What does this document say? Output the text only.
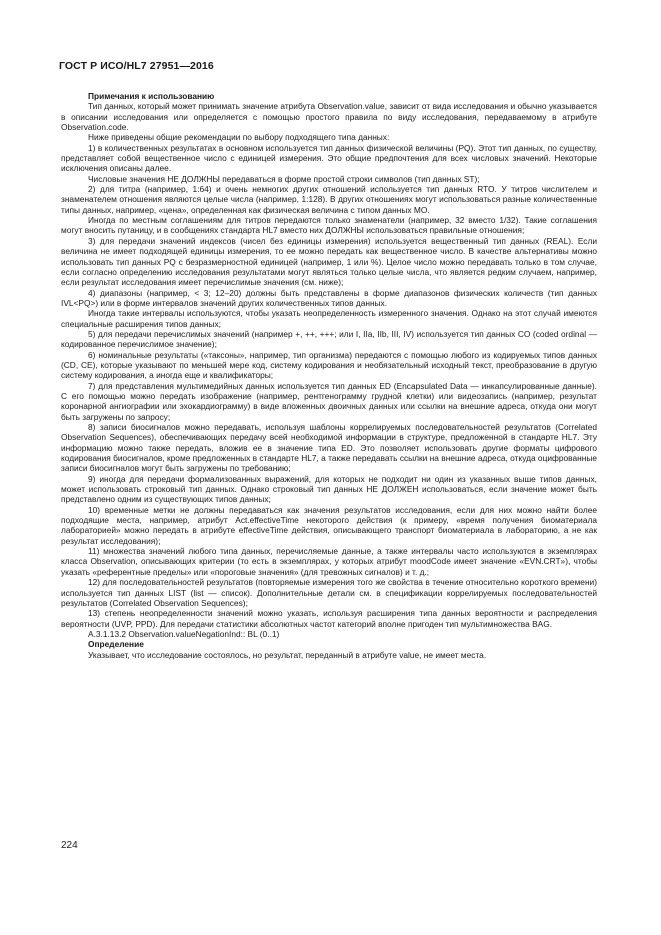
ГОСТ Р ИСО/HL7 27951—2016

Примечания к использованию

Тип данных, который может принимать значение атрибута Observation.value, зависит от вида исследования и обычно указывается в описании исследования или определяется с помощью простого правила по виду исследования, передаваемому в атрибуте Observation.code.

Ниже приведены общие рекомендации по выбору подходящего типа данных:

1) в количественных результатах в основном используется тип данных физической величины (PQ). Этот тип данных, по существу, представляет собой вещественное число с единицей измерения. Это общие предпочтения для всех числовых значений. Некоторые исключения описаны далее.

Числовые значения НЕ ДОЛЖНЫ передаваться в форме простой строки символов (тип данных ST);

2) для титра (например, 1:64) и очень немногих других отношений используется тип данных RTO. У титров числителем и знаменателем отношения являются целые числа (например, 1:128). В других отношениях могут использоваться разные количественные типы данных, например, «цена», определенная как физическая величина с типом данных MO.

Иногда по местным соглашениям для титров передаются только знаменатели (например, 32 вместо 1/32). Такие соглашения могут вносить путаницу, и в сообщениях стандарта HL7 вместо них ДОЛЖНЫ использоваться правильные отношения;

3) для передачи значений индексов (чисел без единицы измерения) используется вещественный тип данных (REAL). Если величина не имеет подходящей единицы измерения, то ее можно передать как вещественное число. В качестве альтернативы можно использовать тип данных PQ с безразмерностной единицей (например, 1 или %). Целое число можно передавать только в том случае, если согласно определению исследования результатами могут являться только целые числа, что является редким случаем, например, если результат исследования имеет перечислимые значения (см. ниже);

4) диапазоны (например, < 3; 12–20) должны быть представлены в форме диапазонов физических количеств (тип данных IVL<PQ>) или в форме интервалов значений других количественных типов данных.

Иногда такие интервалы используются, чтобы указать неопределенность измеренного значения. Однако на этот случай имеются специальные расширения типов данных;

5) для передачи перечислимых значений (например +, ++, +++; или I, IIa, IIb, III, IV) используется тип данных CO (coded ordinal — кодированное перечислимое значение);

6) номинальные результаты («таксоны», например, тип организма) передаются с помощью любого из кодируемых типов данных (CD, CE), которые указывают по меньшей мере код, систему кодирования и необязательный исходный текст, преобразование в другую систему кодирования, а иногда еще и квалификаторы;

7) для представления мультимедийных данных используется тип данных ED (Encapsulated Data — инкапсулированные данные). С его помощью можно передать изображение (например, рентгенограмму грудной клетки) или видеозапись (например, результат коронарной ангиографии или эхокардиограмму) в виде вложенных двоичных данных или ссылки на внешние адреса, откуда они могут быть загружены по запросу;

8) записи биосигналов можно передавать, используя шаблоны коррелируемых последовательностей результатов (Correlated Observation Sequences), обеспечивающих передачу всей необходимой информации в структуре, предложенной в стандарте HL7. Эту информацию можно также передать, вложив ее в значение типа ED. Это позволяет использовать другие форматы цифрового кодирования биосигналов, кроме предложенных в стандарте HL7, а также передавать ссылки на внешние адреса, откуда оцифрованные записи биосигналов могут быть загружены по требованию;

9) иногда для передачи формализованных выражений, для которых не подходит ни один из указанных выше типов данных, может использовать строковый тип данных. Однако строковый тип данных НЕ ДОЛЖЕН использоваться, если значение может быть представлено одним из существующих типов данных;

10) временные метки не должны передаваться как значения результатов исследования, если для них можно найти более подходящие места, например, атрибут Act.effectiveTime некоторого действия (к примеру, «время получения биоматериала лабораторией» можно передать в атрибуте effectiveTime действия, описывающего транспорт биоматериала в лабораторию, а не как результат исследования);

11) множества значений любого типа данных, перечисляемые данные, а также интервалы часто используются в экземплярах класса Observation, описывающих критерии (то есть в экземплярах, у которых атрибут moodCode имеет значение «EVN.CRT»), чтобы указать «референтные пределы» или «пороговые значения» (для тревожных сигналов) и т. д.;

12) для последовательностей результатов (повторяемые измерения того же свойства в течение относительно короткого времени) используется тип данных LIST (list — список). Дополнительные детали см. в спецификации коррелируемых последовательностей результатов (Correlated Observation Sequences);

13) степень неопределенности значений можно указать, используя расширения типа данных вероятности и распределения вероятности (UVP, PPD). Для передачи статистики абсолютных частот категорий вполне пригоден тип мультимножества BAG.

A.3.1.13.2 Observation.valueNegationInd:: BL (0..1)

Определение

Указывает, что исследование состоялось, но результат, переданный в атрибуте value, не имеет места.

224
